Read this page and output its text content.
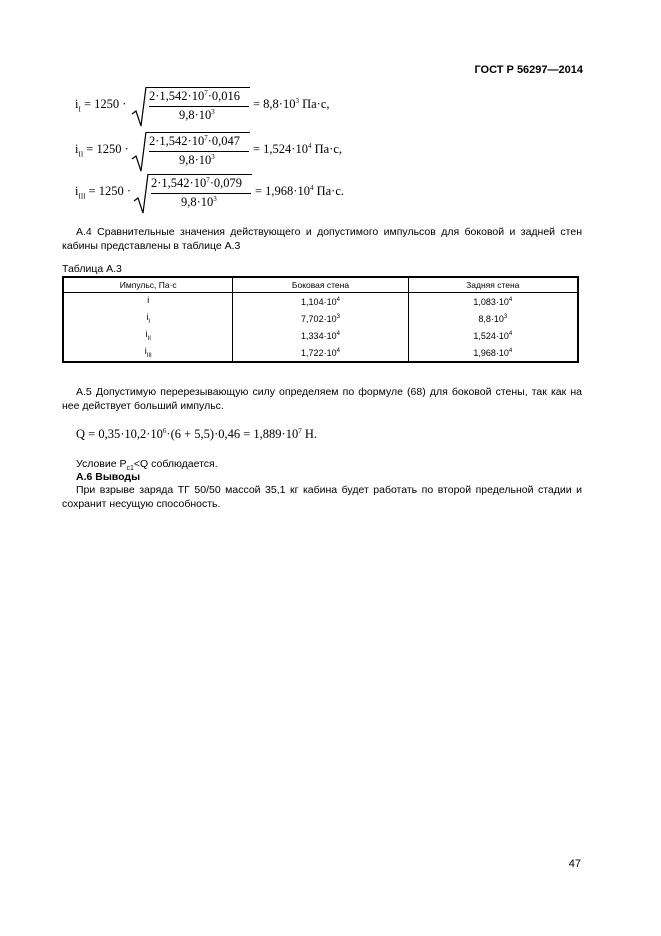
ГОСТ Р 56297—2014
$i_I = 1250$ ·
$2\cdot 1,542\cdot 10^7\cdot 0,016$
$9,8\cdot 10^3$
= $8,8\cdot 10^3$ Па·с,
$i_{II} = 1250$ ·
$2\cdot 1,542\cdot 10^7\cdot 0,047$
$9,8\cdot 10^3$
= $1,524\cdot 10^4$ Па·с,
$i_{III} = 1250$ ·
$2\cdot 1,542\cdot 10^7\cdot 0,079$
$9,8\cdot 10^3$
= $1,968\cdot 10^4$ Па·с.
А.4 Сравнительные значения действующего и допустимого импульсов для боковой и задней стен кабины представлены в таблице А.3
Таблица А.3
Импульс, Па·с	Боковая стена	Задняя стена
i	$1,104\cdot 10^4$	$1,083\cdot 10^4$
$i_I$	$7,702\cdot 10^3$	$8,8\cdot 10^3$
$i_{II}$	$1,334\cdot 10^4$	$1,524\cdot 10^4$
$i_{III}$	$1,722\cdot 10^4$	$1,968\cdot 10^4$
А.5 Допустимую перерезывающую силу определяем по формуле (68) для боковой стены, так как на нее действует больший импульс.
$Q = 0,35\cdot 10,2\cdot 10^6\cdot(6 + 5,5)\cdot 0,46 = 1,889\cdot 10^7$ Н.
Условие $P_{с1}<Q$ соблюдается.
А.6 Выводы
При взрыве заряда ТГ 50/50 массой 35,1 кг кабина будет работать по второй предельной стадии и сохранит несущую способность.
47
